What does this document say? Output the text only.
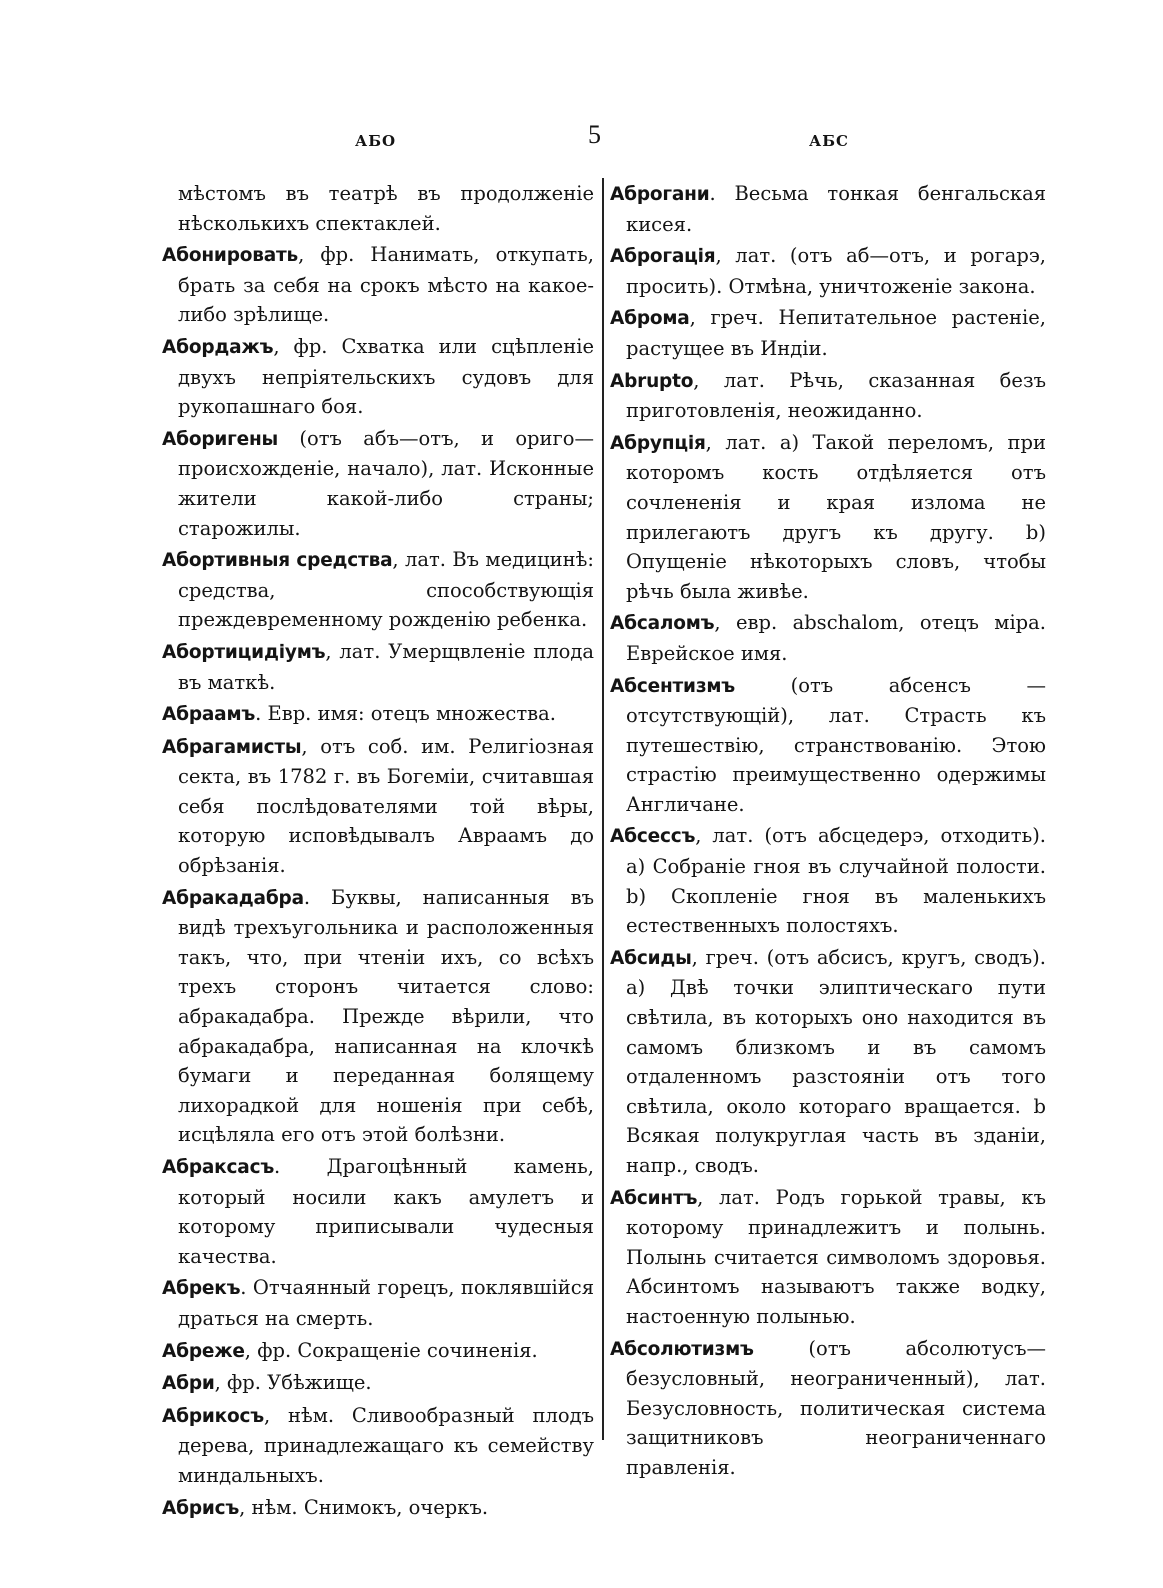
АБО	5	АБС

мѣстомъ въ театрѣ въ продолженіе нѣсколькихъ спектаклей.

Абонировать, фр. Нанимать, откупать, брать за себя на срокъ мѣсто на какое-либо зрѣлище.

Абордажъ, фр. Схватка или сцѣпленіе двухъ непріятельскихъ судовъ для рукопашнаго боя.

Аборигены (отъ абъ—отъ, и ориго—происхожденіе, начало), лат. Исконные жители какой-либо страны; старожилы.

Абортивныя средства, лат. Въ медицинѣ: средства, способствующія преждевременному рожденію ребенка.

Абортицидіумъ, лат. Умерщвленіе плода въ маткѣ.

Абраамъ. Евр. имя: отецъ множества.

Абрагамисты, отъ соб. им. Религіозная секта, въ 1782 г. въ Богеміи, считавшая себя послѣдователями той вѣры, которую исповѣдывалъ Авраамъ до обрѣзанія.

Абракадабра. Буквы, написанныя въ видѣ треxъугольника и расположенныя такъ, что, при чтеніи ихъ, со всѣхъ трехъ сторонъ читается слово: абракадабра. Прежде вѣрили, что абракадабра, написанная на клочкѣ бумаги и переданная болящему лихорадкой для ношенія при себѣ, исцѣляла его отъ этой болѣзни.

Абраксасъ. Драгоцѣнный камень, который носили какъ амулетъ и которому приписывали чудесныя качества.

Абрекъ. Отчаянный горецъ, поклявшійся драться на смерть.

Абреже, фр. Сокращеніе сочиненія.

Абри, фр. Убѣжище.

Абрикосъ, нѣм. Сливообразный плодъ дерева, принадлежащаго къ семейству миндальныхъ.

Абрисъ, нѣм. Снимокъ, очеркъ.

Аброгани. Весьма тонкая бенгальская кисея.

Аброгація, лат. (отъ аб—отъ, и рогарэ, просить). Отмѣна, уничтоженіе закона.

Аброма, греч. Непитательное растеніе, растущее въ Индіи.

Abrupto, лат. Рѣчь, сказанная безъ приготовленія, неожиданно.

Абрупція, лат. a) Такой переломъ, при которомъ кость отдѣляется отъ сочлененія и края излома не прилегаютъ другъ къ другу. b) Опущеніе нѣкоторыхъ словъ, чтобы рѣчь была живѣе.

Абсаломъ, евр. abschalom, отецъ міра. Еврейское имя.

Абсентизмъ (отъ абсенсъ — отсутствующій), лат. Страсть къ путешествію, странствованію. Этою страстію преимущественно одержимы Англичане.

Абсессъ, лат. (отъ абсцедерэ, отходить). a) Собраніе гноя въ случайной полости. b) Скопленіе гноя въ маленькихъ естественныхъ полостяхъ.

Абсиды, греч. (отъ абсисъ, кругъ, сводъ). a) Двѣ точки элиптическаго пути свѣтила, въ которыхъ оно находится въ самомъ близкомъ и въ самомъ отдаленномъ разстояніи отъ того свѣтила, около котораго вращается. b Всякая полукруглая часть въ зданіи, напр., сводъ.

Абсинтъ, лат. Родъ горькой травы, къ которому принадлежитъ и полынь. Полынь считается символомъ здоровья. Абсинтомъ называютъ также водку, настоенную полынью.

Абсолютизмъ (отъ абсолютусъ—безусловный, неограниченный), лат. Безусловность, политическая система защитниковъ неограниченнаго правленія.
